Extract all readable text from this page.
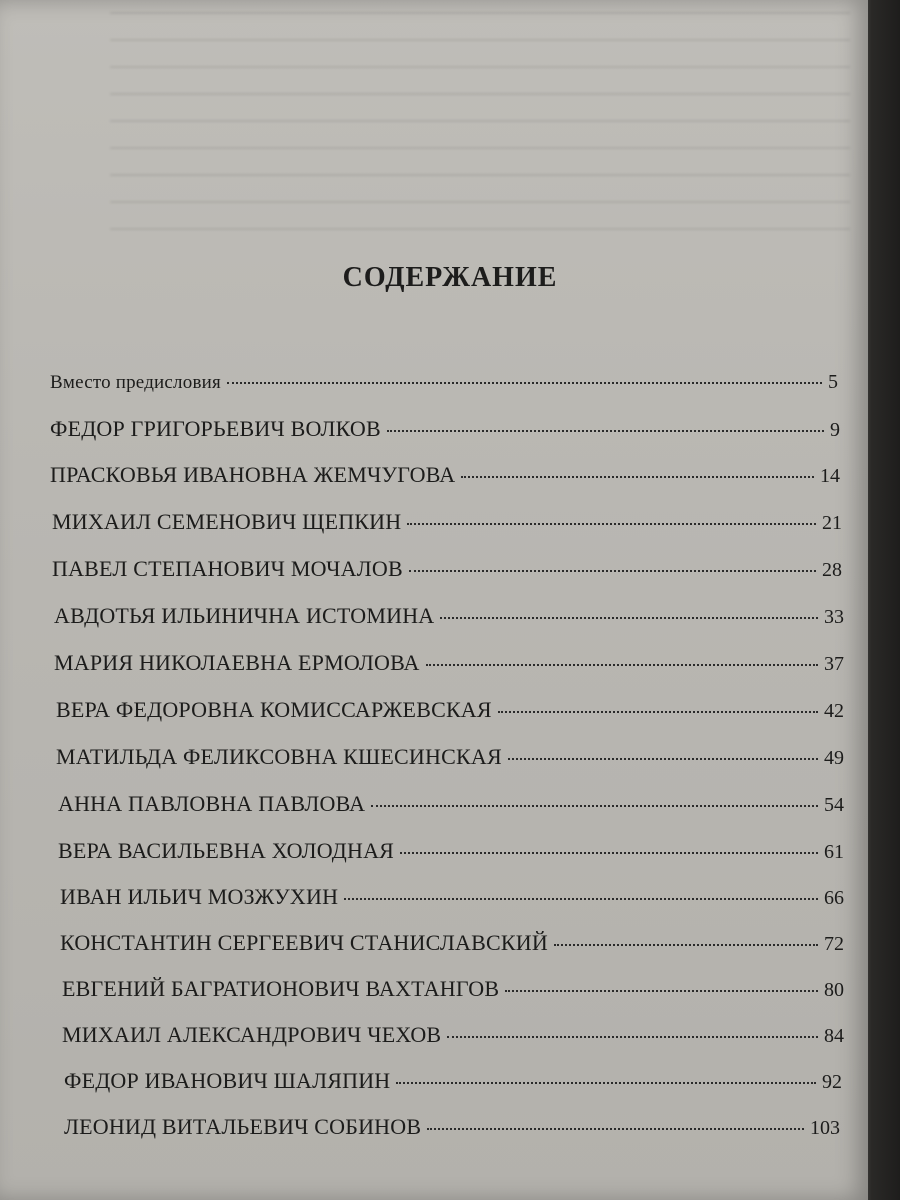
СОДЕРЖАНИЕ
Вместо предисловия	5
ФЕДОР ГРИГОРЬЕВИЧ ВОЛКОВ	9
ПРАСКОВЬЯ ИВАНОВНА ЖЕМЧУГОВА	14
МИХАИЛ СЕМЕНОВИЧ ЩЕПКИН	21
ПАВЕЛ СТЕПАНОВИЧ МОЧАЛОВ	28
АВДОТЬЯ ИЛЬИНИЧНА ИСТОМИНА	33
МАРИЯ НИКОЛАЕВНА ЕРМОЛОВА	37
ВЕРА ФЕДОРОВНА КОМИССАРЖЕВСКАЯ	42
МАТИЛЬДА ФЕЛИКСОВНА КШЕСИНСКАЯ	49
АННА ПАВЛОВНА ПАВЛОВА	54
ВЕРА ВАСИЛЬЕВНА ХОЛОДНАЯ	61
ИВАН ИЛЬИЧ МОЗЖУХИН	66
КОНСТАНТИН СЕРГЕЕВИЧ СТАНИСЛАВСКИЙ	72
ЕВГЕНИЙ БАГРАТИОНОВИЧ ВАХТАНГОВ	80
МИХАИЛ АЛЕКСАНДРОВИЧ ЧЕХОВ	84
ФЕДОР ИВАНОВИЧ ШАЛЯПИН	92
ЛЕОНИД ВИТАЛЬЕВИЧ СОБИНОВ	103
